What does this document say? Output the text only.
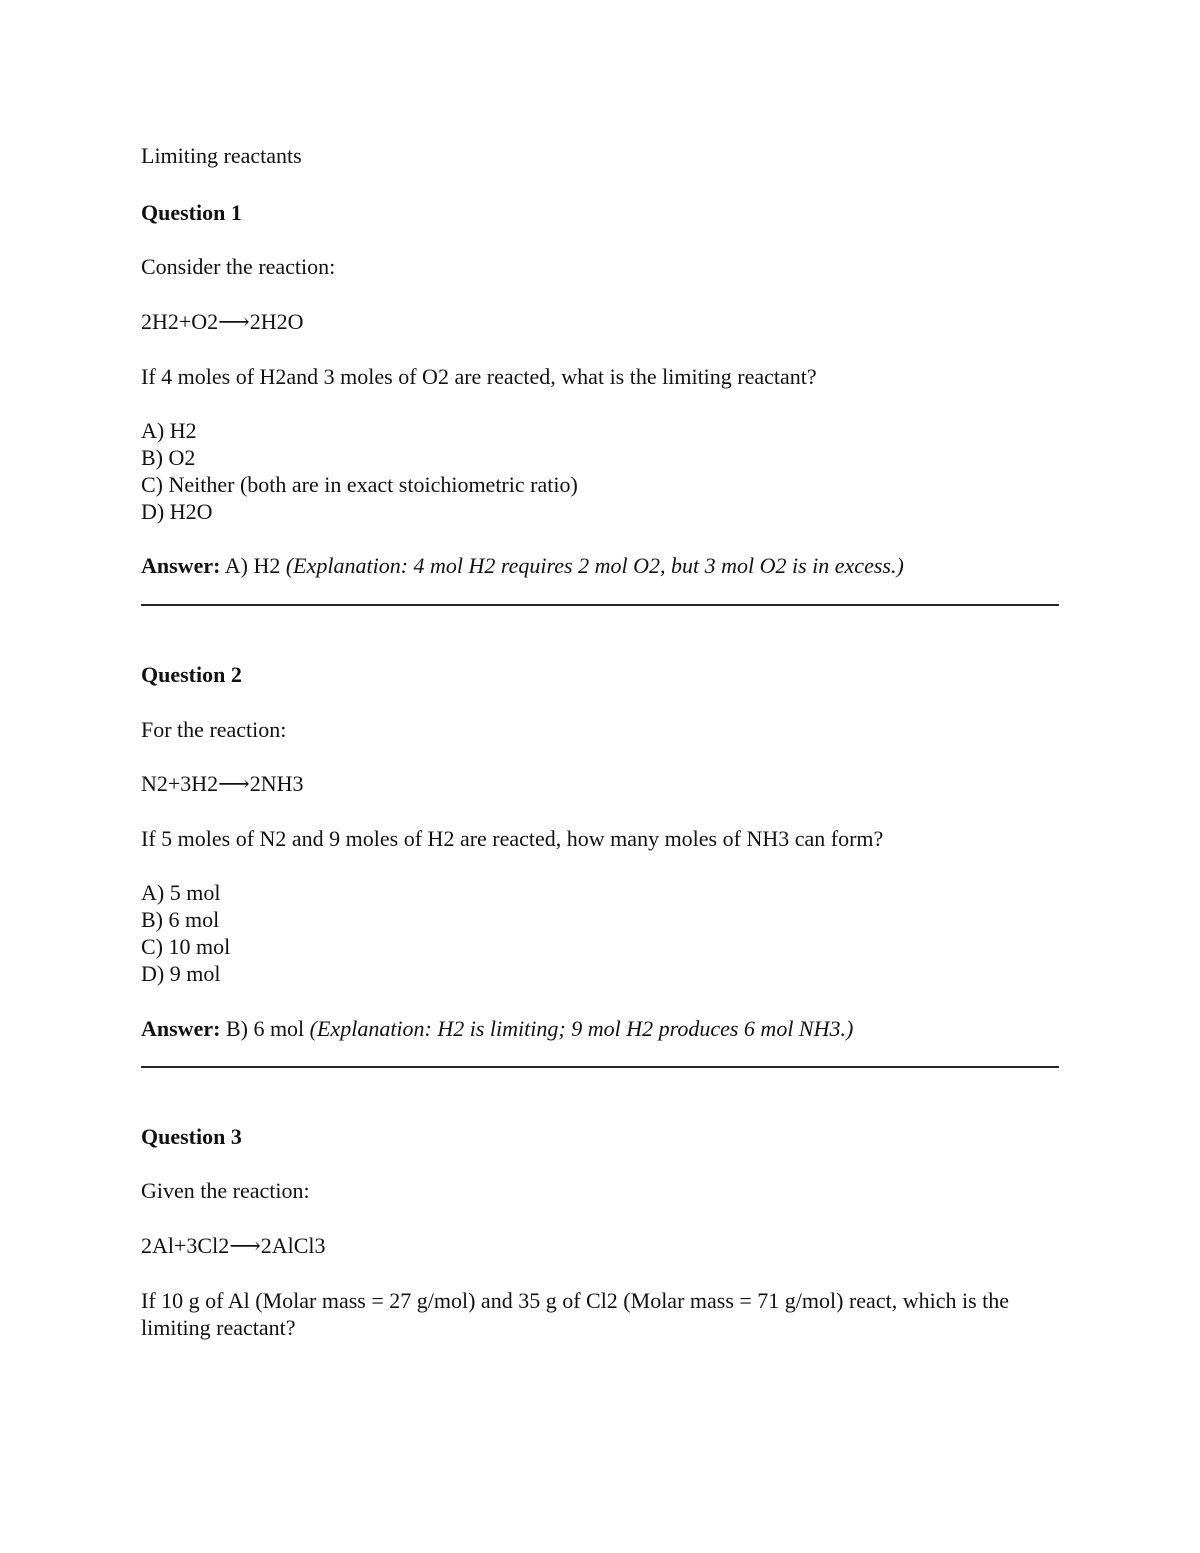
Limiting reactants
Question 1
Consider the reaction:
2H2+O2⟶2H2O
If 4 moles of H2and 3 moles of O2 are reacted, what is the limiting reactant?
A) H2
B) O2
C) Neither (both are in exact stoichiometric ratio)
D) H2O
Answer: A) H2 (Explanation: 4 mol H2 requires 2 mol O2, but 3 mol O2 is in excess.)
Question 2
For the reaction:
N2+3H2⟶2NH3
If 5 moles of N2 and 9 moles of H2 are reacted, how many moles of NH3 can form?
A) 5 mol
B) 6 mol
C) 10 mol
D) 9 mol
Answer: B) 6 mol (Explanation: H2 is limiting; 9 mol H2 produces 6 mol NH3.)
Question 3
Given the reaction:
2Al+3Cl2⟶2AlCl3
If 10 g of Al (Molar mass = 27 g/mol) and 35 g of Cl2 (Molar mass = 71 g/mol) react, which is the limiting reactant?
